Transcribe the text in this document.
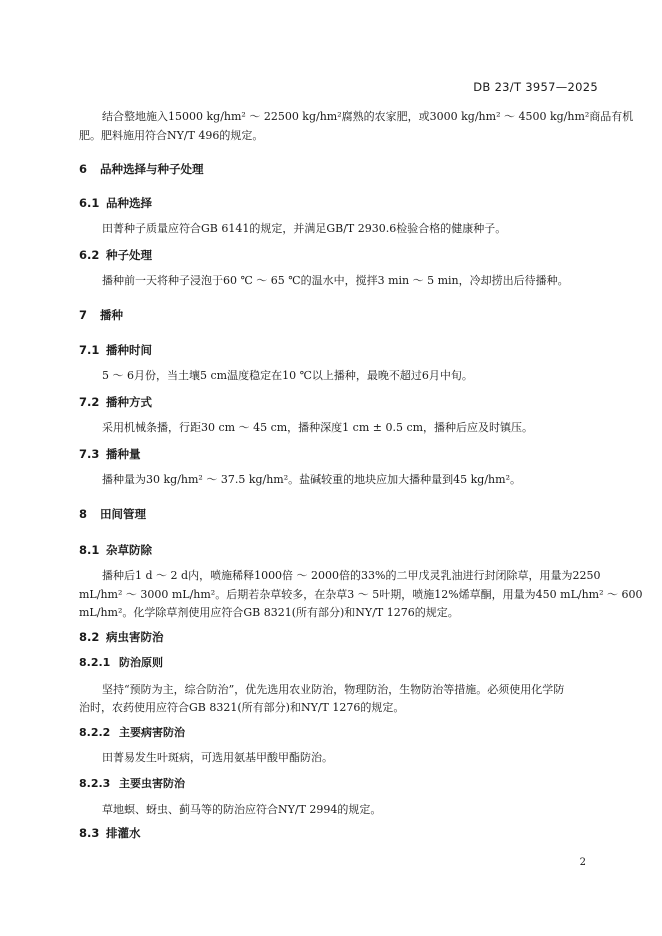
DB 23/T 3957—2025
结合整地施入15000 kg/hm² ～ 22500 kg/hm²腐熟的农家肥，或3000 kg/hm² ～ 4500 kg/hm²商品有机
肥。肥料施用符合NY/T 496的规定。
6 品种选择与种子处理
6.1 品种选择
田菁种子质量应符合GB 6141的规定，并满足GB/T 2930.6检验合格的健康种子。
6.2 种子处理
播种前一天将种子浸泡于60 ℃ ～ 65 ℃的温水中，搅拌3 min ～ 5 min，冷却捞出后待播种。
7 播种
7.1 播种时间
5 ～ 6月份，当土壤5 cm温度稳定在10 ℃以上播种，最晚不超过6月中旬。
7.2 播种方式
采用机械条播，行距30 cm ～ 45 cm，播种深度1 cm ± 0.5 cm，播种后应及时镇压。
7.3 播种量
播种量为30 kg/hm² ～ 37.5 kg/hm²。盐碱较重的地块应加大播种量到45 kg/hm²。
8 田间管理
8.1 杂草防除
播种后1 d ～ 2 d内，喷施稀释1000倍 ～ 2000倍的33%的二甲戊灵乳油进行封闭除草，用量为2250
mL/hm² ～ 3000 mL/hm²。后期若杂草较多，在杂草3 ～ 5叶期，喷施12%烯草酮，用量为450 mL/hm² ～ 600
mL/hm²。化学除草剂使用应符合GB 8321(所有部分)和NY/T 1276的规定。
8.2 病虫害防治
8.2.1 防治原则
坚持“预防为主，综合防治”，优先选用农业防治，物理防治，生物防治等措施。必须使用化学防
治时，农药使用应符合GB 8321(所有部分)和NY/T 1276的规定。
8.2.2 主要病害防治
田菁易发生叶斑病，可选用氨基甲酸甲酯防治。
8.2.3 主要虫害防治
草地螟、蚜虫、蓟马等的防治应符合NY/T 2994的规定。
8.3 排灌水
2
